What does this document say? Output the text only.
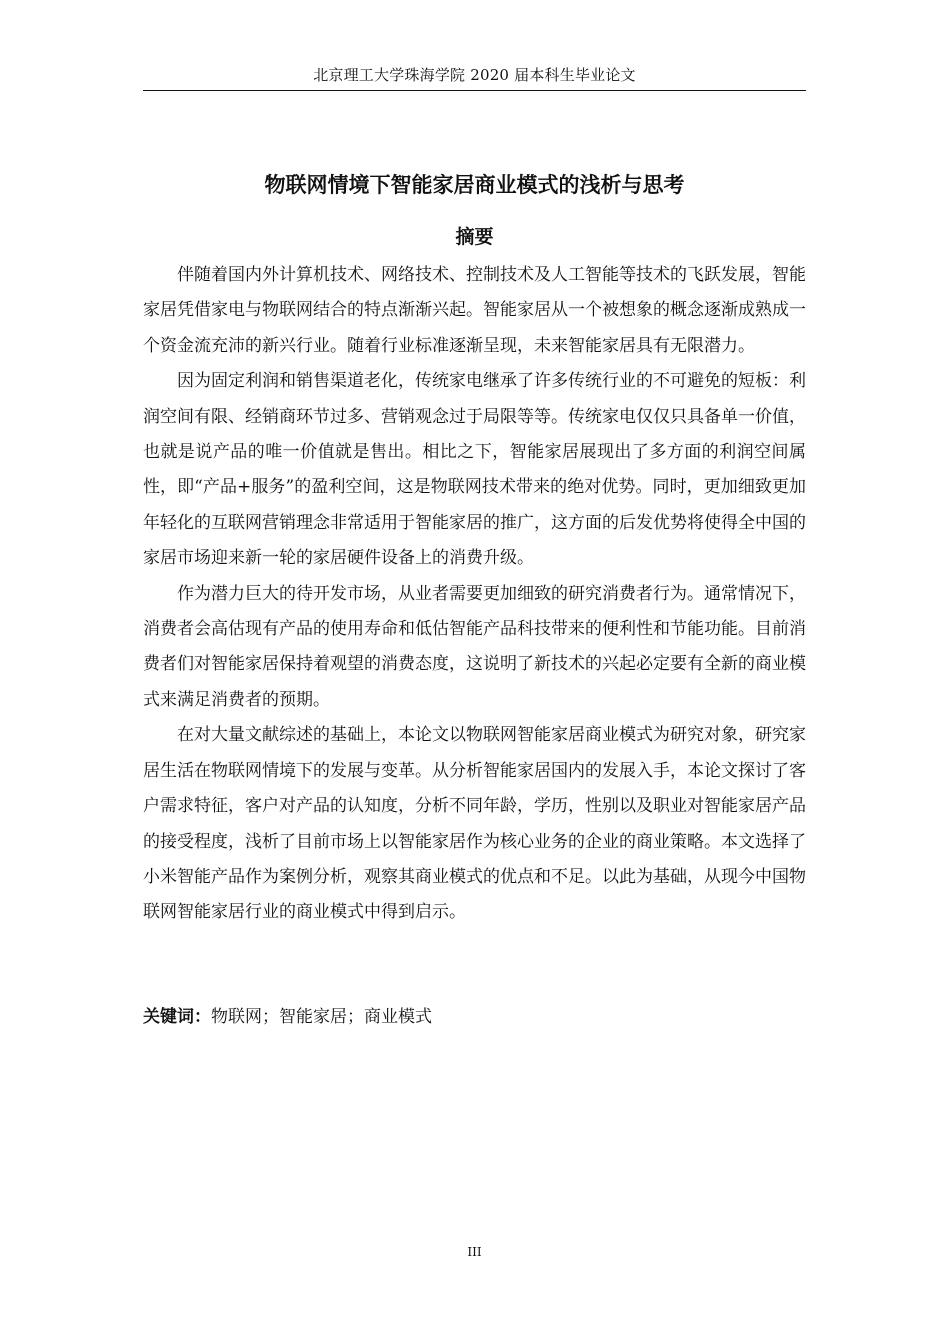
北京理工大学珠海学院 2020 届本科生毕业论文
物联网情境下智能家居商业模式的浅析与思考
摘要

伴随着国内外计算机技术、网络技术、控制技术及人工智能等技术的飞跃发展，智能家居凭借家电与物联网结合的特点渐渐兴起。智能家居从一个被想象的概念逐渐成熟成一个资金流充沛的新兴行业。随着行业标准逐渐呈现，未来智能家居具有无限潜力。

因为固定利润和销售渠道老化，传统家电继承了许多传统行业的不可避免的短板：利润空间有限、经销商环节过多、营销观念过于局限等等。传统家电仅仅只具备单一价值，也就是说产品的唯一价值就是售出。相比之下，智能家居展现出了多方面的利润空间属性，即“产品+服务”的盈利空间，这是物联网技术带来的绝对优势。同时，更加细致更加年轻化的互联网营销理念非常适用于智能家居的推广，这方面的后发优势将使得全中国的家居市场迎来新一轮的家居硬件设备上的消费升级。

作为潜力巨大的待开发市场，从业者需要更加细致的研究消费者行为。通常情况下，消费者会高估现有产品的使用寿命和低估智能产品科技带来的便利性和节能功能。目前消费者们对智能家居保持着观望的消费态度，这说明了新技术的兴起必定要有全新的商业模式来满足消费者的预期。

在对大量文献综述的基础上，本论文以物联网智能家居商业模式为研究对象，研究家居生活在物联网情境下的发展与变革。从分析智能家居国内的发展入手，本论文探讨了客户需求特征，客户对产品的认知度，分析不同年龄，学历，性别以及职业对智能家居产品的接受程度，浅析了目前市场上以智能家居作为核心业务的企业的商业策略。本文选择了小米智能产品作为案例分析，观察其商业模式的优点和不足。以此为基础，从现今中国物联网智能家居行业的商业模式中得到启示。

关键词：物联网；智能家居；商业模式

III
